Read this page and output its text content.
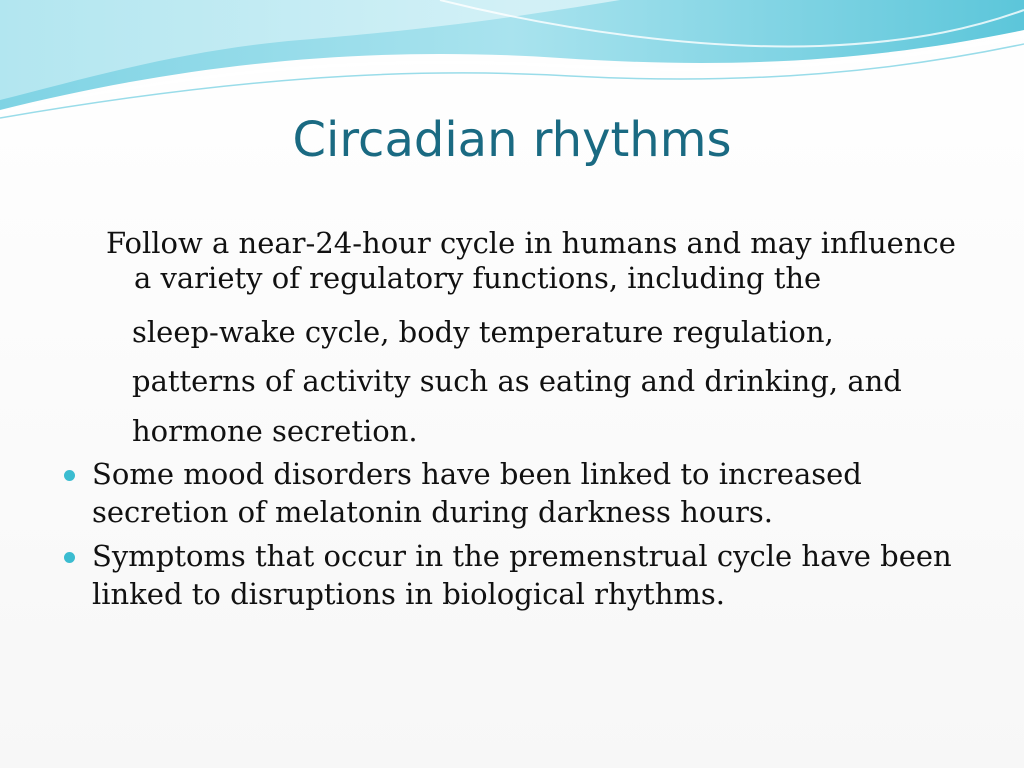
Circadian rhythms

Follow a near-24-hour cycle in humans and may influence
a variety of regulatory functions, including the

sleep-wake cycle, body temperature regulation,

patterns of activity such as eating and drinking, and

hormone secretion.

Some mood disorders have been linked to increased secretion of melatonin during darkness hours.
Symptoms that occur in the premenstrual cycle have been linked to disruptions in biological rhythms.
